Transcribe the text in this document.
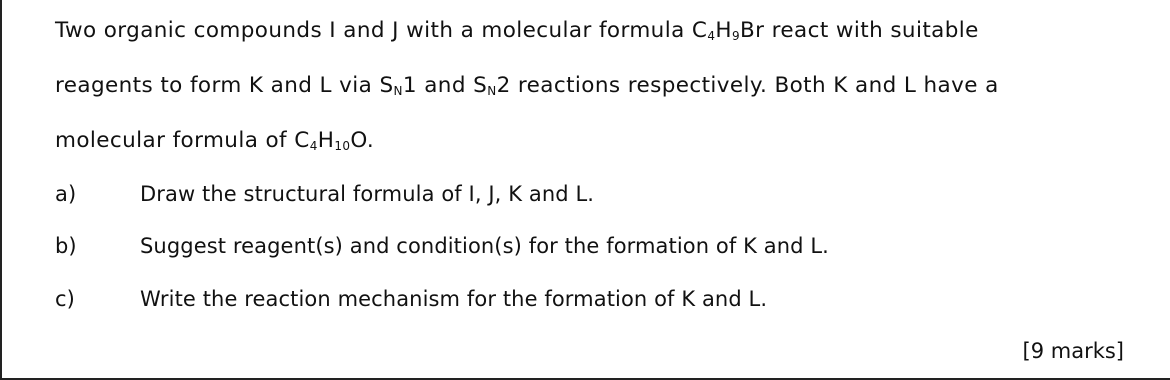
Two organic compounds I and J with a molecular formula $C_4H_9Br$ react with suitable
reagents to form K and L via $S_N1$ and $S_N2$ reactions respectively. Both K and L have a
molecular formula of $C_4H_{10}O$.
a)	Draw the structural formula of I, J, K and L.
b)	Suggest reagent(s) and condition(s) for the formation of K and L.
c)	Write the reaction mechanism for the formation of K and L.
[9 marks]
